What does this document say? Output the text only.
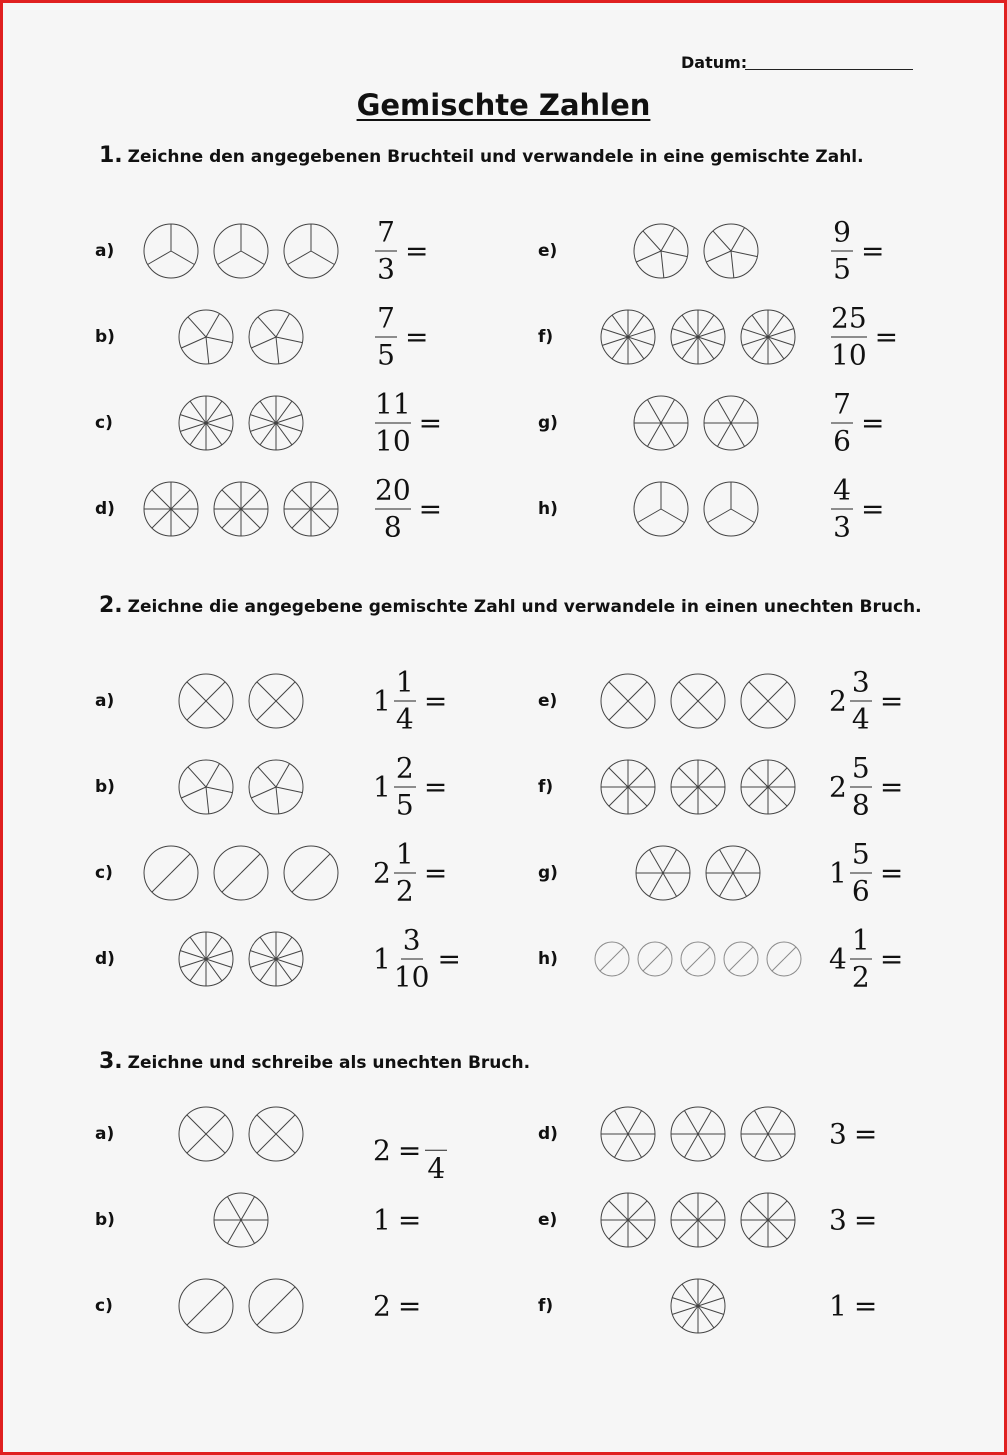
Datum:
Gemischte Zahlen
1. Zeichne den angegebenen Bruchteil und verwandele in eine gemischte Zahl.
a)	$\frac{7}{3}$ =
b)	$\frac{7}{5}$ =
c)	$\frac{11}{10}$ =
d)	$\frac{20}{8}$ =
e)	$\frac{9}{5}$ =
f)	$\frac{25}{10}$ =
g)	$\frac{7}{6}$ =
h)	$\frac{4}{3}$ =
2. Zeichne die angegebene gemischte Zahl und verwandele in einen unechten Bruch.
a)	$1 \frac{1}{4}$ =
b)	$1 \frac{2}{5}$ =
c)	$2 \frac{1}{2}$ =
d)	$1 \frac{3}{10}$ =
e)	$2 \frac{3}{4}$ =
f)	$2 \frac{5}{8}$ =
g)	$1 \frac{5}{6}$ =
h)	$4 \frac{1}{2}$ =
3. Zeichne und schreibe als unechten Bruch.
a)	2 =
4
b)	1 =
c)	2 =
d)	3 =
e)	3 =
f)	1 =
